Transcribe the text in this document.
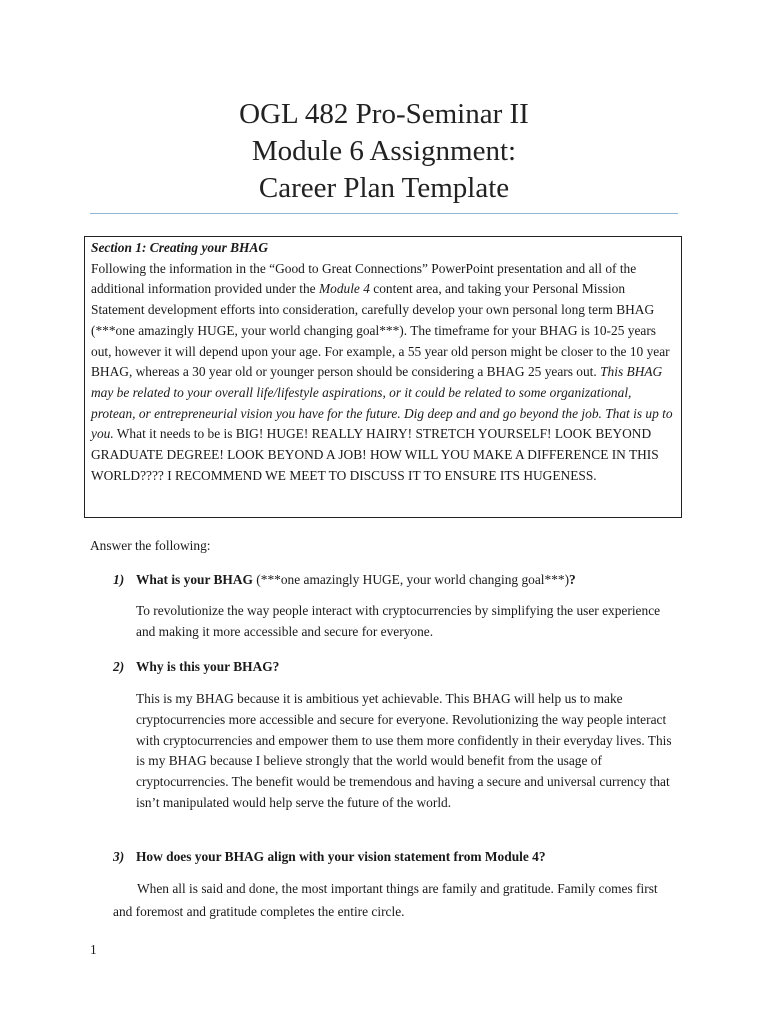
OGL 482 Pro-Seminar II
Module 6 Assignment:
Career Plan Template
Section 1: Creating your BHAG
Following the information in the “Good to Great Connections” PowerPoint presentation and all of the additional information provided under the Module 4 content area, and taking your Personal Mission Statement development efforts into consideration, carefully develop your own personal long term BHAG (***one amazingly HUGE, your world changing goal***). The timeframe for your BHAG is 10-25 years out, however it will depend upon your age. For example, a 55 year old person might be closer to the 10 year BHAG, whereas a 30 year old or younger person should be considering a BHAG 25 years out. This BHAG may be related to your overall life/lifestyle aspirations, or it could be related to some organizational, protean, or entrepreneurial vision you have for the future. Dig deep and and go beyond the job. That is up to you. What it needs to be is BIG! HUGE! REALLY HAIRY! STRETCH YOURSELF! LOOK BEYOND GRADUATE DEGREE! LOOK BEYOND A JOB! HOW WILL YOU MAKE A DIFFERENCE IN THIS WORLD???? I RECOMMEND WE MEET TO DISCUSS IT TO ENSURE ITS HUGENESS.
Answer the following:
1) What is your BHAG (***one amazingly HUGE, your world changing goal***)?
To revolutionize the way people interact with cryptocurrencies by simplifying the user experience and making it more accessible and secure for everyone.
2) Why is this your BHAG?
This is my BHAG because it is ambitious yet achievable. This BHAG will help us to make cryptocurrencies more accessible and secure for everyone. Revolutionizing the way people interact with cryptocurrencies and empower them to use them more confidently in their everyday lives. This is my BHAG because I believe strongly that the world would benefit from the usage of cryptocurrencies. The benefit would be tremendous and having a secure and universal currency that isn’t manipulated would help serve the future of the world.
3) How does your BHAG align with your vision statement from Module 4?
When all is said and done, the most important things are family and gratitude. Family comes first and foremost and gratitude completes the entire circle.
1
